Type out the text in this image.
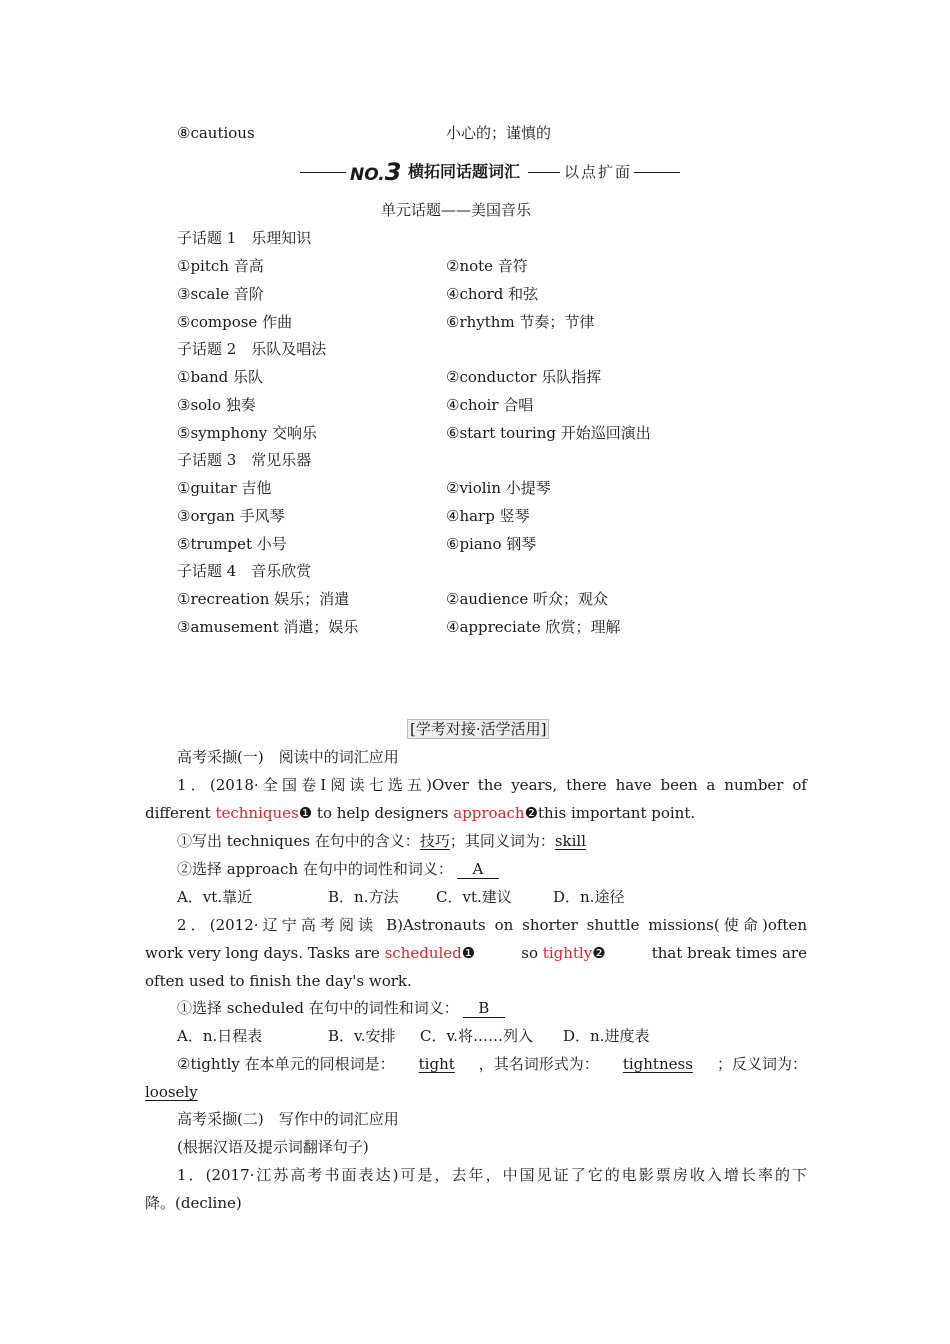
⑧cautious	小心的；谨慎的
NO.3 横拓同话题词汇	以点扩面
单元话题——美国音乐
子话题 1　乐理知识
①pitch 音高	②note 音符
③scale 音阶	④chord 和弦
⑤compose 作曲	⑥rhythm 节奏；节律
子话题 2　乐队及唱法
①band 乐队	②conductor 乐队指挥
③solo 独奏	④choir 合唱
⑤symphony 交响乐	⑥start touring 开始巡回演出
子话题 3　常见乐器
①guitar 吉他	②violin 小提琴
③organ 手风琴	④harp 竖琴
⑤trumpet 小号	⑥piano 钢琴
子话题 4　音乐欣赏
①recreation 娱乐；消遣	②audience 听众；观众
③amusement 消遣；娱乐	④appreciate 欣赏；理解
[学考对接·活学活用]
高考采撷(一)　阅读中的词汇应用
1．(2018·全国卷Ⅰ阅读七选五)Over the years, there have been a number of
different techniques❶ to help designers approach❷this important point.
①写出 techniques 在句中的含义：技巧；其同义词为：skill
②选择 approach 在句中的词性和词义： A
A．vt.靠近	B．n.方法	C．vt.建议	D．n.途径
2．(2012·辽宁高考阅读 B)Astronauts on shorter shuttle missions(使命)often
work very long days. Tasks are scheduled❶	so tightly❷	that break times are
often used to finish the day's work.
①选择 scheduled 在句中的词性和词义： B
A．n.日程表	B．v.安排 C．v.将……列入 D．n.进度表
②tightly 在本单元的同根词是： tight ，其名词形式为： tightness ；反义词为：
loosely
高考采撷(二)　写作中的词汇应用
(根据汉语及提示词翻译句子)
1．(2017·江苏高考书面表达)可是，去年，中国见证了它的电影票房收入增长率的下
降。(decline)
